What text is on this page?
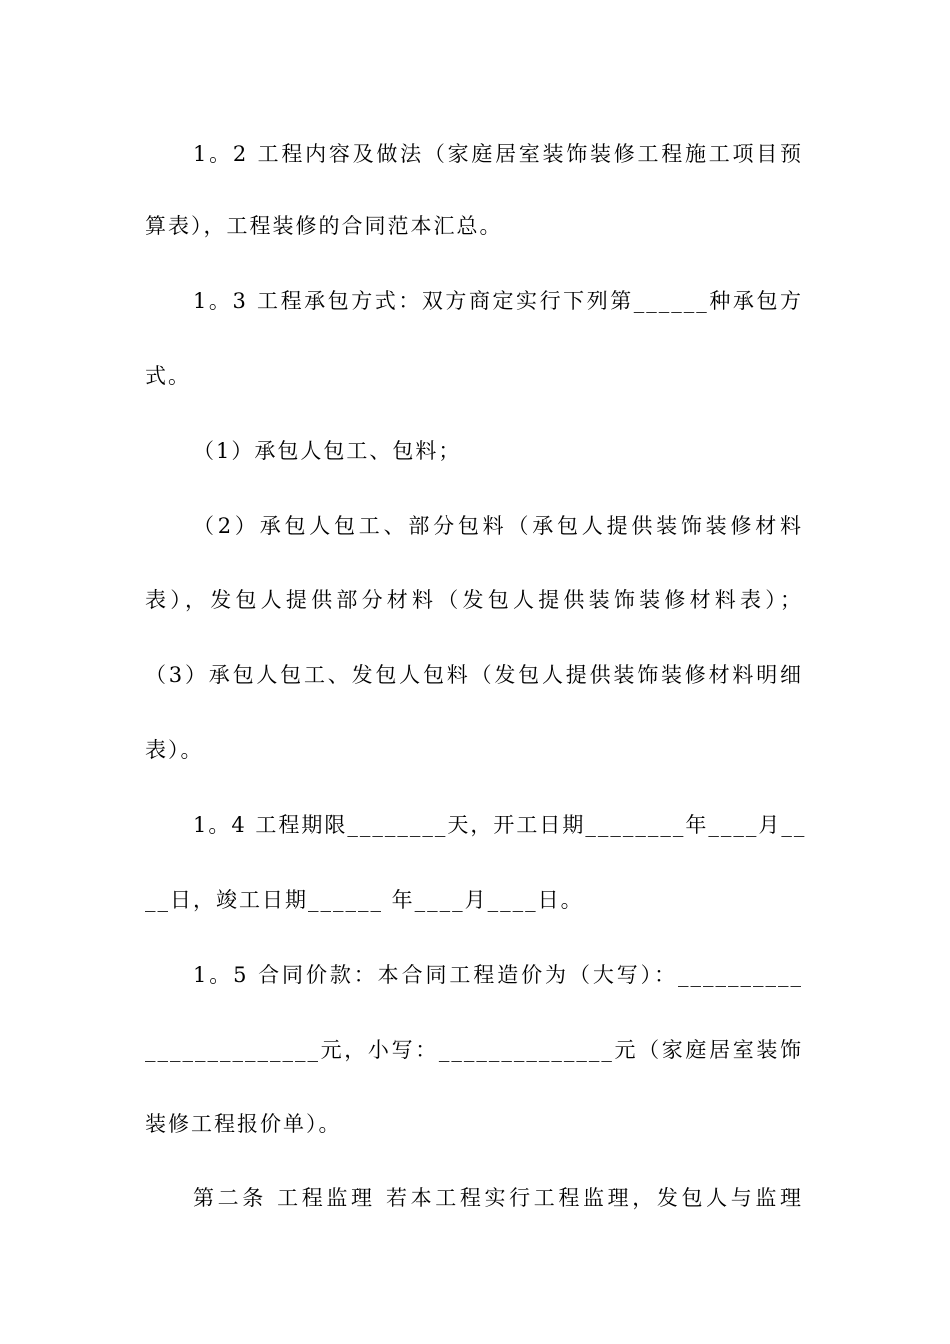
1。2 工程内容及做法（家庭居室装饰装修工程施工项目预
算表），工程装修的合同范本汇总。
1。3 工程承包方式：双方商定实行下列第______种承包方
式。
（1）承包人包工、包料；
（2）承包人包工、部分包料（承包人提供装饰装修材料
表），发包人提供部分材料（发包人提供装饰装修材料表）；
（3）承包人包工、发包人包料（发包人提供装饰装修材料明细
表）。
1。4 工程期限________天，开工日期________年____月__
__日，竣工日期______ 年____月____日。
1。5 合同价款：本合同工程造价为（大写）：__________
______________元，小写：______________元（家庭居室装饰
装修工程报价单）。
第二条 工程监理 若本工程实行工程监理，发包人与监理
